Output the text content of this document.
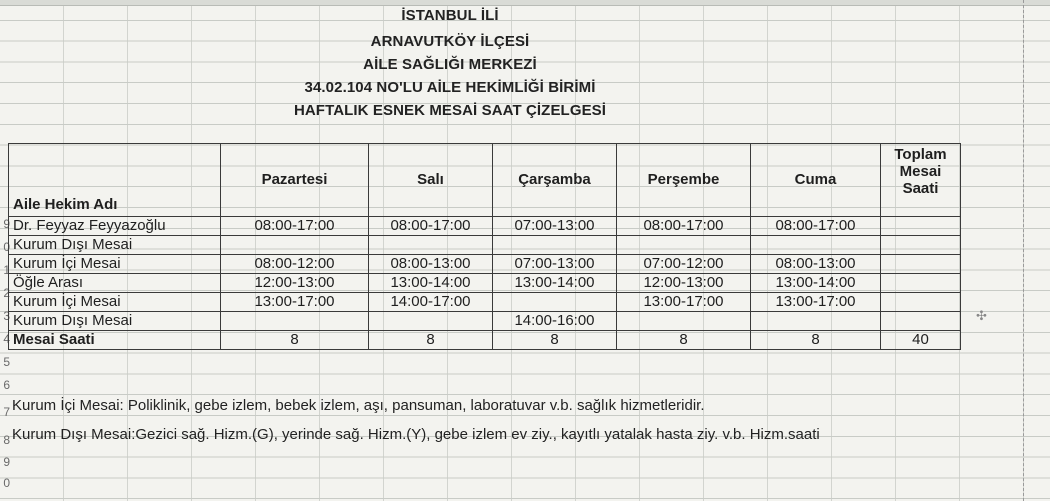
İSTANBUL İLİ
ARNAVUTKÖY İLÇESİ
AİLE SAĞLIĞI MERKEZİ
34.02.104 NO'LU AİLE HEKİMLİĞİ BİRİMİ
HAFTALIK ESNEK MESAİ SAAT ÇİZELGESİ
9
0
1
2
3
4
5
6
7
8
9
0
Aile Hekim Adı	Pazartesi	Salı	Çarşamba	Perşembe	Cuma	Toplam
Mesai
Saati

Dr. Feyyaz Feyyazoğlu	08:00-17:00	08:00-17:00	07:00-13:00	08:00-17:00	08:00-17:00	
Kurum Dışı Mesai						
Kurum İçi Mesai	08:00-12:00	08:00-13:00	07:00-13:00	07:00-12:00	08:00-13:00	
Öğle Arası	12:00-13:00	13:00-14:00	13:00-14:00	12:00-13:00	13:00-14:00	
Kurum İçi Mesai	13:00-17:00	14:00-17:00		13:00-17:00	13:00-17:00	
Kurum Dışı Mesai			14:00-16:00			
Mesai Saati	8	8	8	8	8	40
Kurum İçi Mesai: Poliklinik, gebe izlem, bebek izlem, aşı, pansuman, laboratuvar v.b. sağlık hizmetleridir.
Kurum Dışı Mesai:Gezici sağ. Hizm.(G), yerinde sağ. Hizm.(Y), gebe izlem ev ziy., kayıtlı yatalak hasta ziy. v.b. Hizm.saati
✣
